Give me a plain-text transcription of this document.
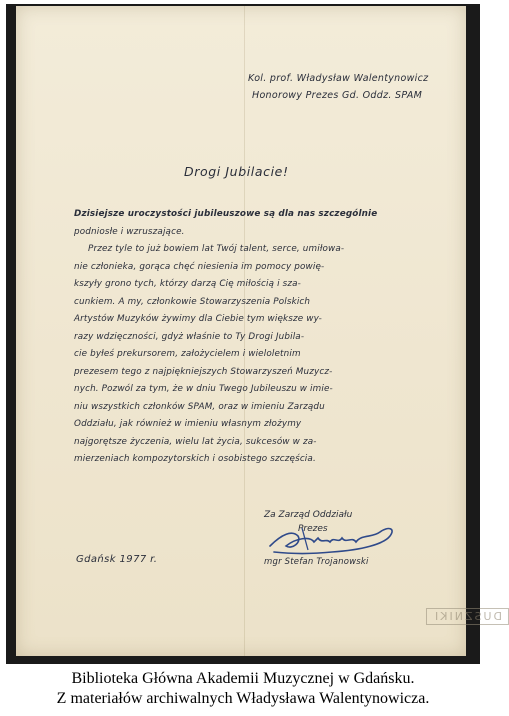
Kol. prof. Władysław Walentynowicz
Honorowy Prezes Gd. Oddz. SPAM
Drogi Jubilacie!
Dzisiejsze uroczystości jubileuszowe są dla nas szczególnie
podniosłe i wzruszające.
Przez tyle to już bowiem lat Twój talent, serce, umiłowa-
nie członieka, gorąca chęć niesienia im pomocy powię-
kszyły grono tych, którzy darzą Cię miłością i sza-
cunkiem. A my, członkowie Stowarzyszenia Polskich
Artystów Muzyków żywimy dla Ciebie tym większe wy-
razy wdzięczności, gdyż właśnie to Ty Drogi Jubila-
cie byłeś prekursorem, założycielem i wieloletnim
prezesem tego z najpiękniejszych Stowarzyszeń Muzycz-
nych. Pozwól za tym, że w dniu Twego Jubileuszu w imie-
niu wszystkich członków SPAM, oraz w imieniu Zarządu
Oddziału, jak również w imieniu własnym złożymy
najgorętsze życzenia, wielu lat życia, sukcesów w za-
mierzeniach kompozytorskich i osobistego szczęścia.
Za Zarząd Oddziału
Prezes
Gdańsk 1977 r.	mgr Stefan Trojanowski
DUSZNIKI
Biblioteka Główna Akademii Muzycznej w Gdańsku.
Z materiałów archiwalnych Władysława Walentynowicza.
